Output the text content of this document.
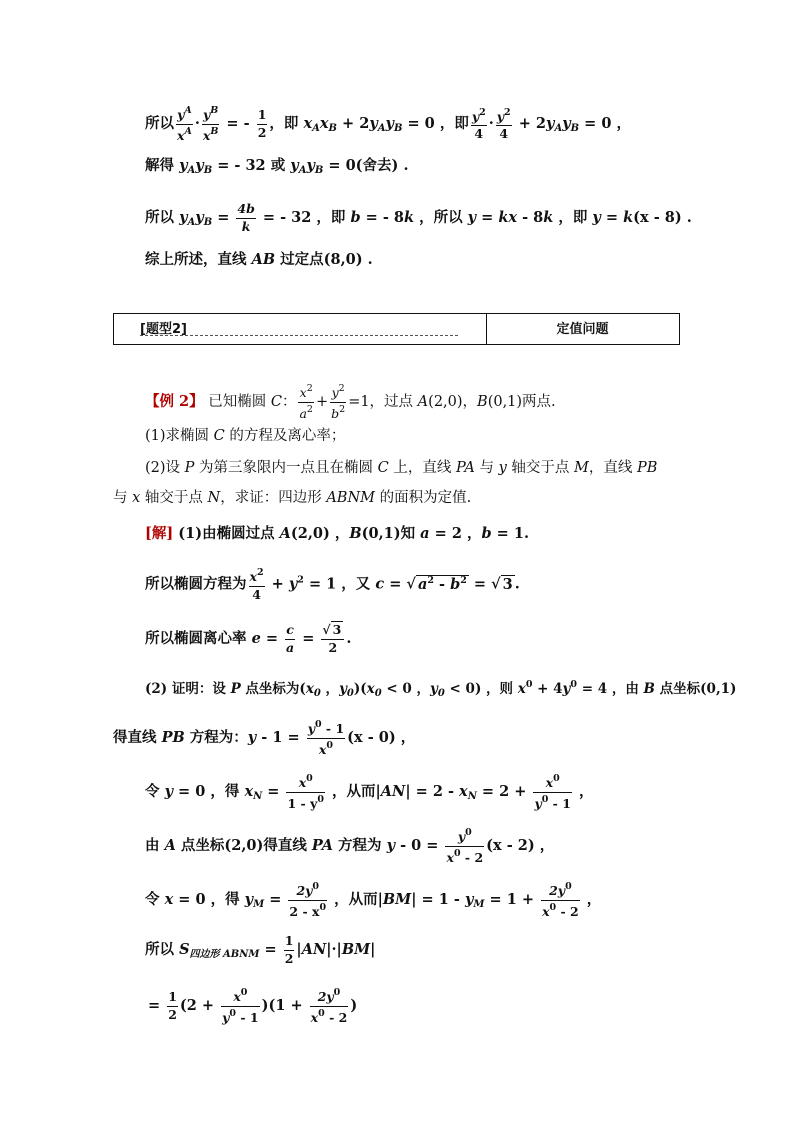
所以 $\frac{y^A}{x^A} \cdot \frac{y^B}{x^B}$ = - $\frac{1}{2}$ ，即 $x_Ax_B + 2y_Ay_B = 0$ ，即 $\frac{y^2}{4} \cdot \frac{y^2}{4} + 2y_Ay_B = 0$ ，
解得 $y_Ay_B$ = - 32 或 $y_Ay_B = 0$(舍去) .
所以 $y_Ay_B = \frac{4b}{k}$ = - 32 ，即 b = - 8k ，所以 y = kx - 8k ，即 y = k(x - 8) .
综上所述，直线 AB 过定点(8,0) .
[题型2]	定值问题
【例 2】 已知椭圆 C： $\frac{x^2}{a^2} + \frac{y^2}{b^2} =1$，过点 A(2,0)，B(0,1)两点.
(1)求椭圆 C 的方程及离心率；
(2)设 P 为第三象限内一点且在椭圆 C 上，直线 PA 与 y 轴交于点 M，直线 PB
与 x 轴交于点 N，求证：四边形 ABNM 的面积为定值.
[解] (1)由椭圆过点 A(2,0) ，B(0,1)知 a = 2 ，b = 1.
所以椭圆方程为 $\frac{x^2}{4} + y^2 = 1$ ，又 c = √ $a^2 - b^2$ = √ 3 .
所以椭圆离心率 $e = \frac{c}{a} = \frac{√ 3}{2}$ .
(2) 证明：设 P 点坐标为($x_0$ ，$y_0)(x_0 < 0$ ，$y_0 < 0$) ，则 $x^0 + 4y^0 = 4$ ，由 B 点坐标(0,1)
得直线 PB 方程为：$y - 1 = \frac{y^0 - 1}{x^0} (x - 0)$ ，
令 y = 0 ，得 $x_N = \frac{x^0}{1 - y^0}$ ，从而$|AN| = 2 - x_N = 2 + \frac{x^0}{y^0 - 1}$ ，
由 A 点坐标(2,0)得直线 PA 方程为 $y - 0 = \frac{y^0}{x^0 - 2} (x - 2)$ ，
令 x = 0 ，得 $y_M = \frac{2y^0}{2 - x^0}$ ，从而$|BM| = 1 - y_M = 1 + \frac{2y^0}{x^0 - 2}$ ，
所以 $S_{四边形 ABNM} = \frac{1}{2} |AN|\cdot|BM|$
= $\frac{1}{2} (2 + \frac{x^0}{y^0 - 1} )(1 + \frac{2y^0}{x^0 - 2}$ )
